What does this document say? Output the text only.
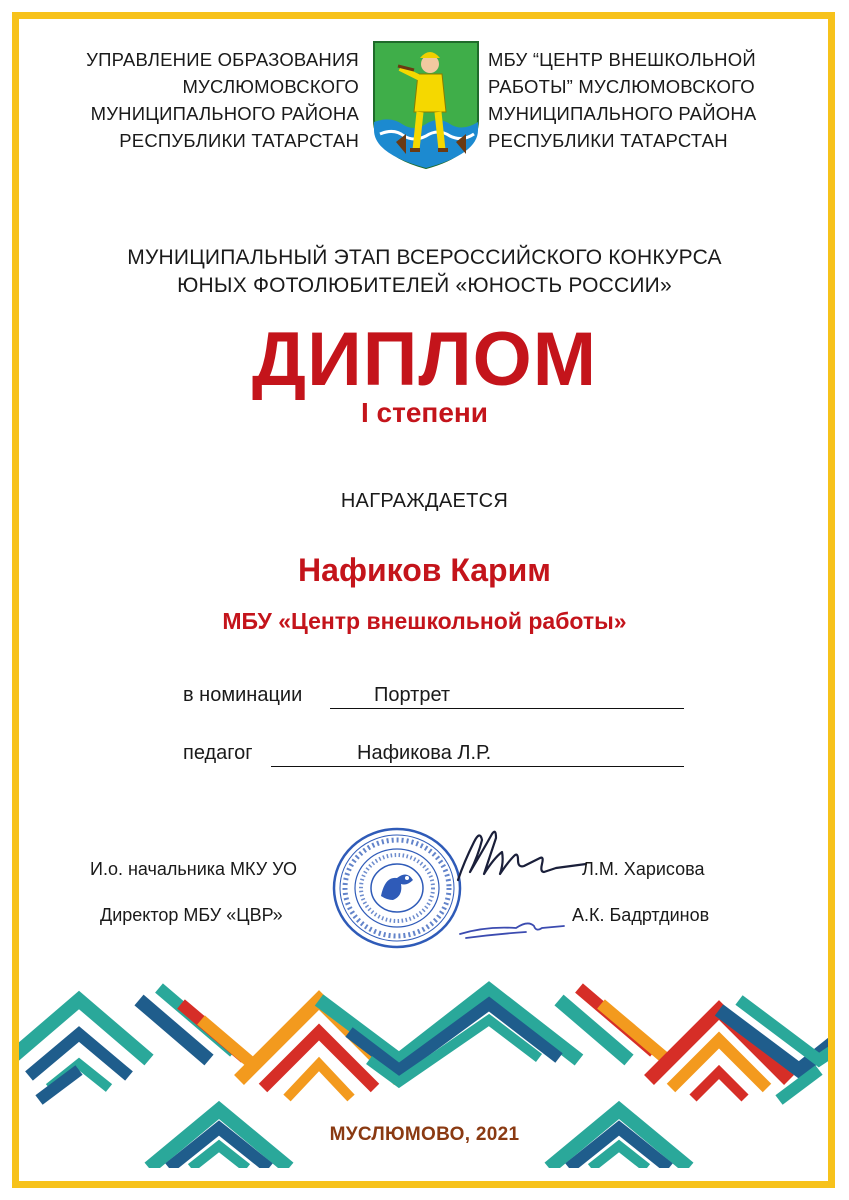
УПРАВЛЕНИЕ ОБРАЗОВАНИЯ
МУСЛЮМОВСКОГО
МУНИЦИПАЛЬНОГО РАЙОНА
РЕСПУБЛИКИ ТАТАРСТАН
МБУ “ЦЕНТР ВНЕШКОЛЬНОЙ
РАБОТЫ” МУСЛЮМОВСКОГО
МУНИЦИПАЛЬНОГО РАЙОНА
РЕСПУБЛИКИ ТАТАРСТАН
МУНИЦИПАЛЬНЫЙ ЭТАП ВСЕРОССИЙСКОГО КОНКУРСА
ЮНЫХ ФОТОЛЮБИТЕЛЕЙ «ЮНОСТЬ РОССИИ»
ДИПЛОМ
I степени
НАГРАЖДАЕТСЯ
Нафиков Карим
МБУ «Центр внешкольной работы»
в номинации	Портрет
педагог	Нафикова Л.Р.
И.о. начальника МКУ УО	Л.М. Харисова
Директор МБУ «ЦВР»	А.К. Бадртдинов
МУСЛЮМОВО, 2021
